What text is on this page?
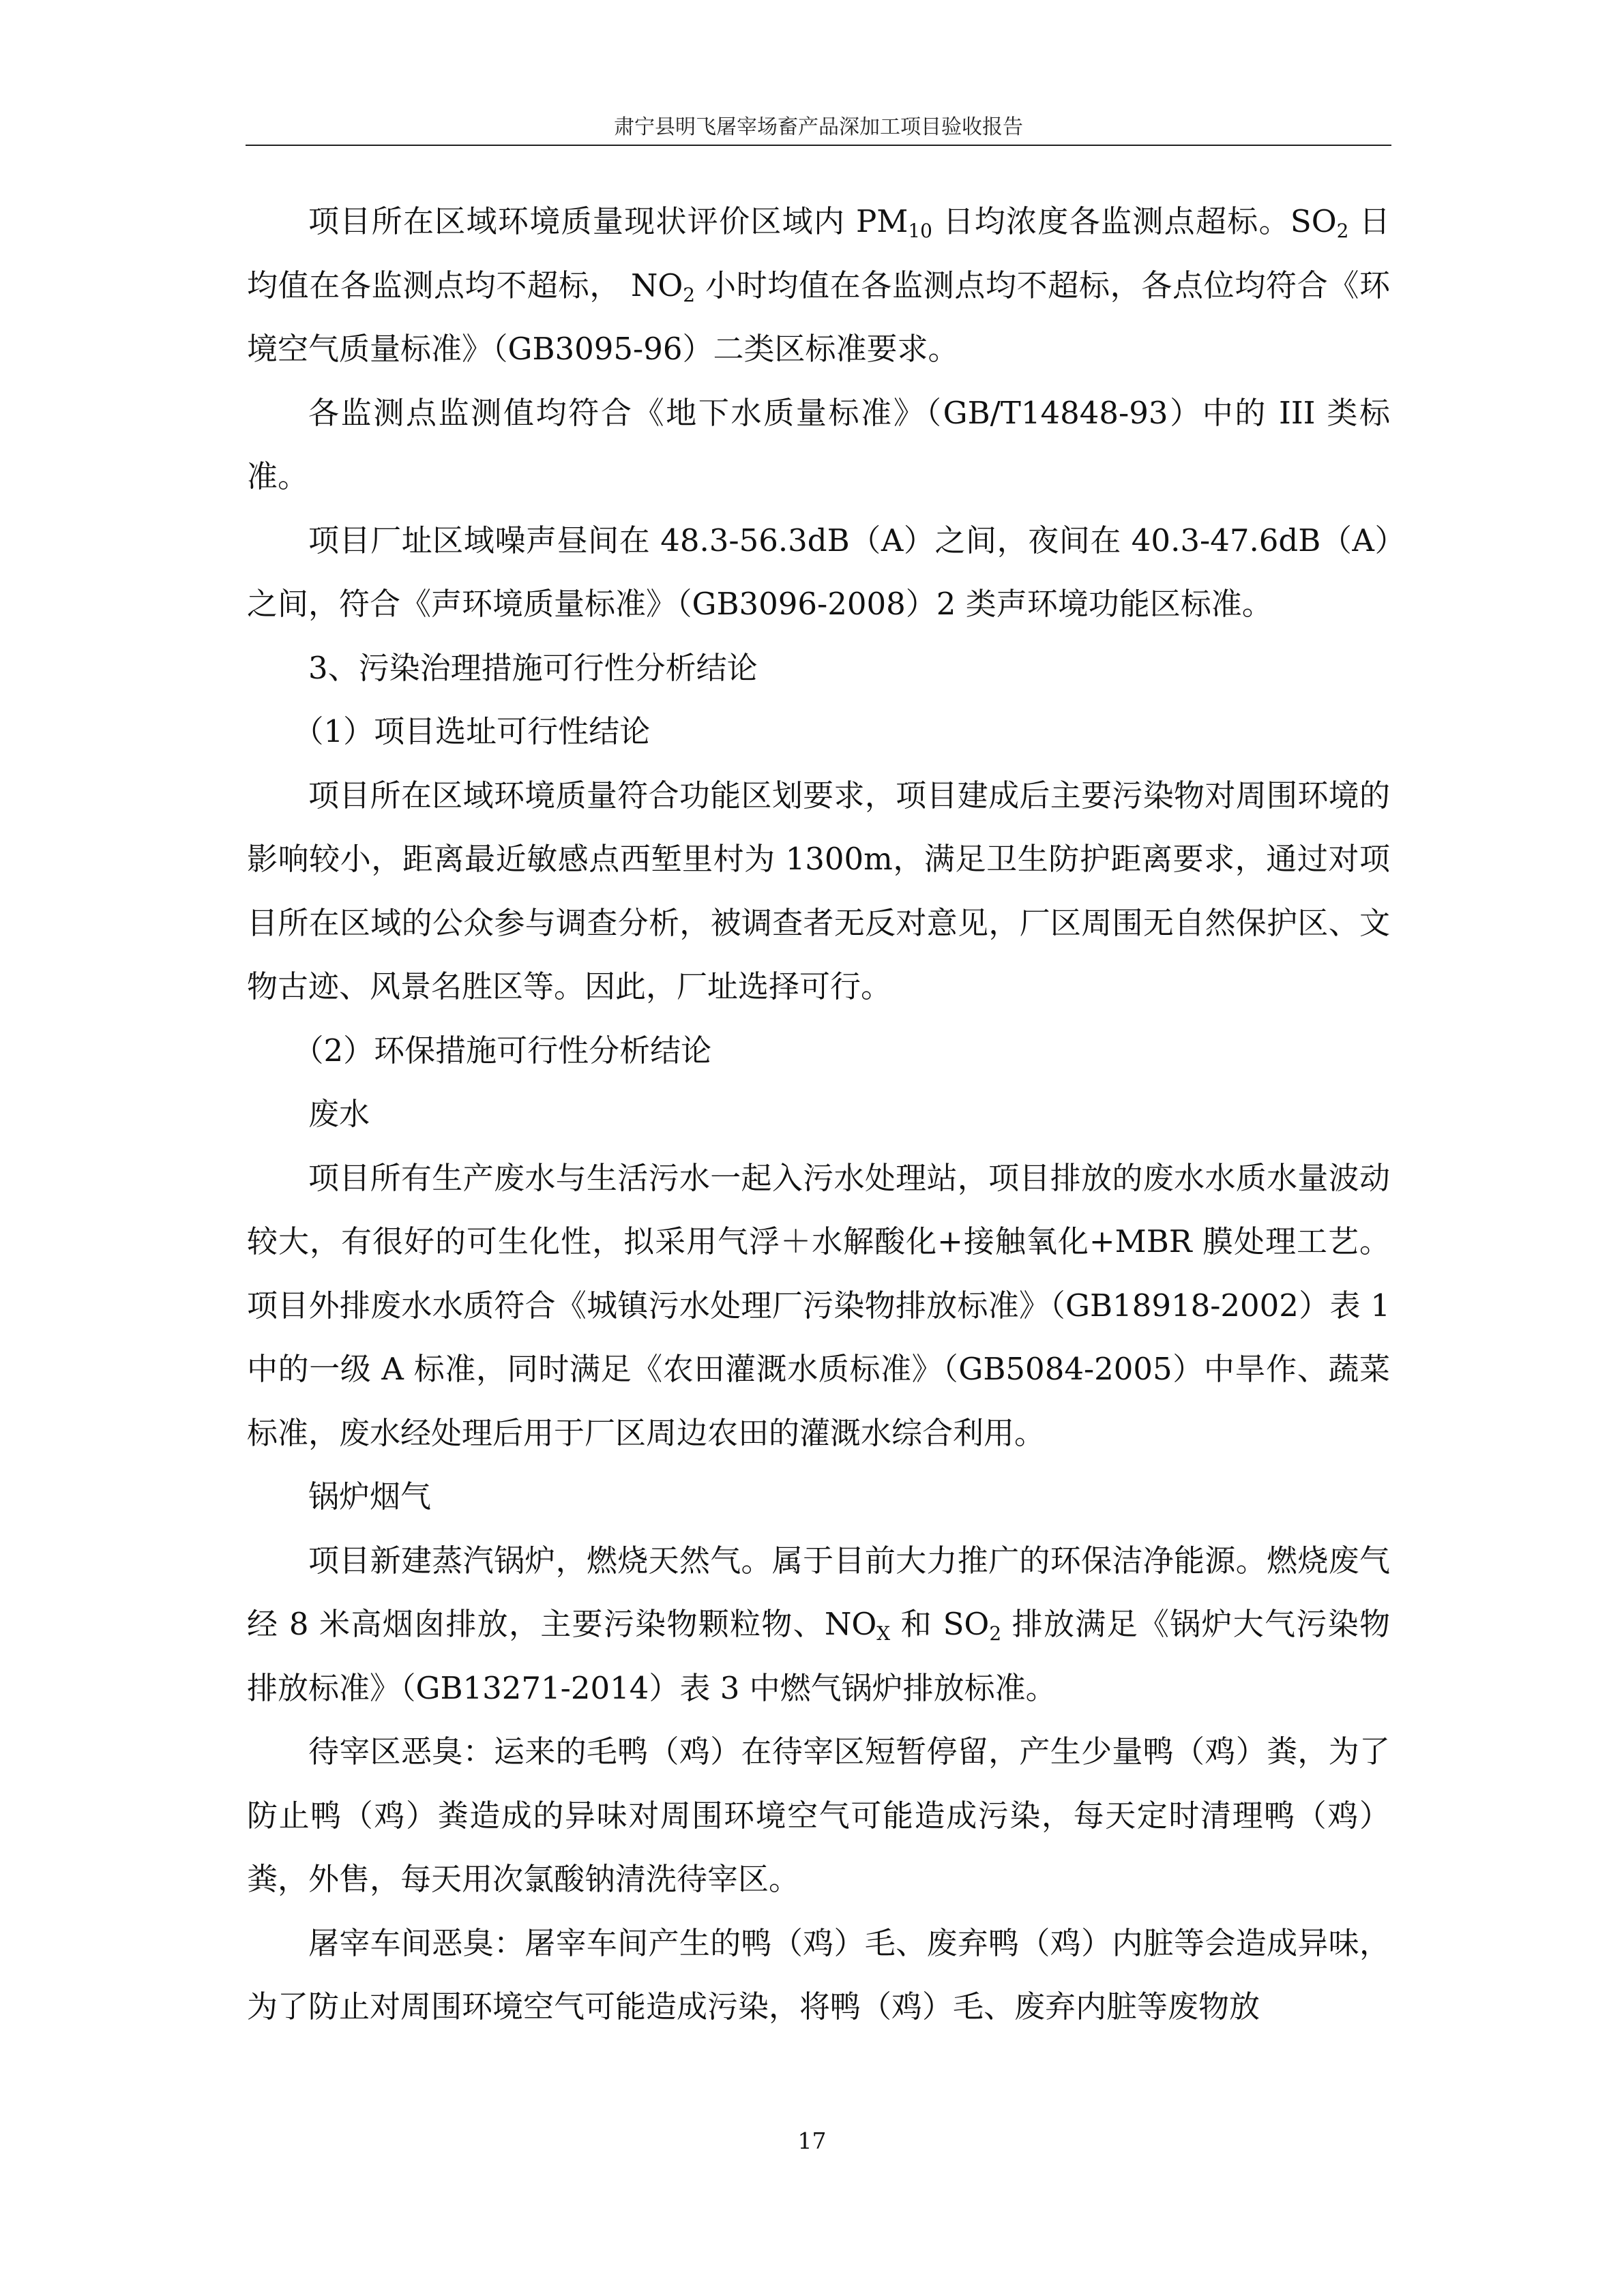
肃宁县明飞屠宰场畜产品深加工项目验收报告

项目所在区域环境质量现状评价区域内 $PM_{10}$ 日均浓度各监测点超标。$SO_2$ 日均值在各监测点均不超标， $NO_2$ 小时均值在各监测点均不超标，各点位均符合《环境空气质量标准》（GB3095-96）二类区标准要求。

各监测点监测值均符合《地下水质量标准》（GB/T14848-93）中的 III 类标准。

项目厂址区域噪声昼间在 48.3-56.3dB（A）之间，夜间在 40.3-47.6dB（A）之间，符合《声环境质量标准》（GB3096-2008）2 类声环境功能区标准。

3、污染治理措施可行性分析结论

（1）项目选址可行性结论

项目所在区域环境质量符合功能区划要求，项目建成后主要污染物对周围环境的影响较小，距离最近敏感点西堑里村为 1300m，满足卫生防护距离要求，通过对项目所在区域的公众参与调查分析，被调查者无反对意见，厂区周围无自然保护区、文物古迹、风景名胜区等。因此，厂址选择可行。

（2）环保措施可行性分析结论

废水

项目所有生产废水与生活污水一起入污水处理站，项目排放的废水水质水量波动较大，有很好的可生化性，拟采用气浮＋水解酸化+接触氧化+MBR 膜处理工艺。项目外排废水水质符合《城镇污水处理厂污染物排放标准》（GB18918-2002）表 1 中的一级 A 标准，同时满足《农田灌溉水质标准》（GB5084-2005）中旱作、蔬菜标准，废水经处理后用于厂区周边农田的灌溉水综合利用。

锅炉烟气

项目新建蒸汽锅炉，燃烧天然气。属于目前大力推广的环保洁净能源。燃烧废气经 8 米高烟囱排放，主要污染物颗粒物、$NO_X$ 和 $SO_2$ 排放满足《锅炉大气污染物排放标准》（GB13271-2014）表 3 中燃气锅炉排放标准。

待宰区恶臭：运来的毛鸭（鸡）在待宰区短暂停留，产生少量鸭（鸡）粪，为了防止鸭（鸡）粪造成的异味对周围环境空气可能造成污染，每天定时清理鸭（鸡）粪，外售，每天用次氯酸钠清洗待宰区。

屠宰车间恶臭：屠宰车间产生的鸭（鸡）毛、废弃鸭（鸡）内脏等会造成异味，为了防止对周围环境空气可能造成污染，将鸭（鸡）毛、废弃内脏等废物放

17
